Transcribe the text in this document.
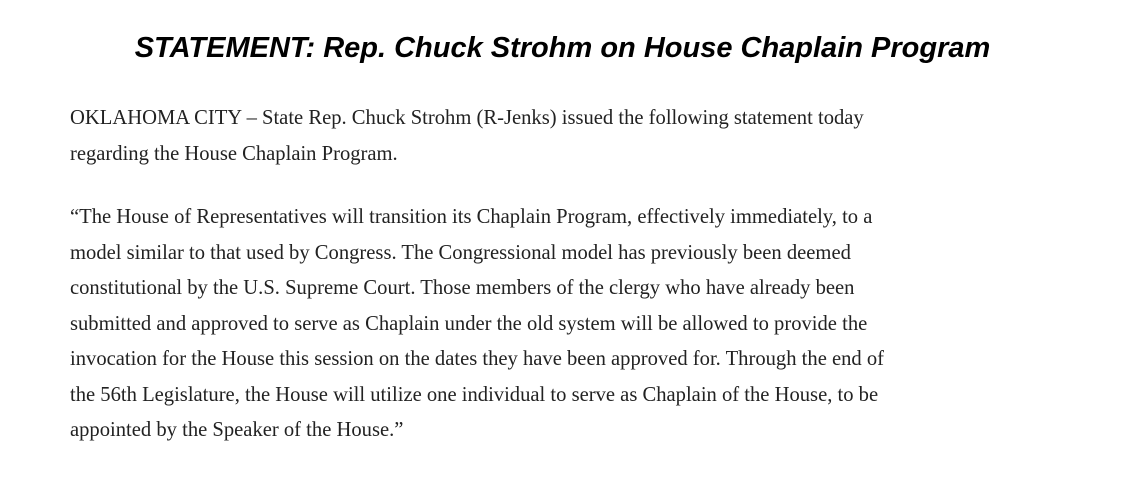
STATEMENT: Rep. Chuck Strohm on House Chaplain Program

OKLAHOMA CITY – State Rep. Chuck Strohm (R-Jenks) issued the following statement today
regarding the House Chaplain Program.

“The House of Representatives will transition its Chaplain Program, effectively immediately, to a
model similar to that used by Congress. The Congressional model has previously been deemed
constitutional by the U.S. Supreme Court. Those members of the clergy who have already been
submitted and approved to serve as Chaplain under the old system will be allowed to provide the
invocation for the House this session on the dates they have been approved for. Through the end of
the 56th Legislature, the House will utilize one individual to serve as Chaplain of the House, to be
appointed by the Speaker of the House.”
